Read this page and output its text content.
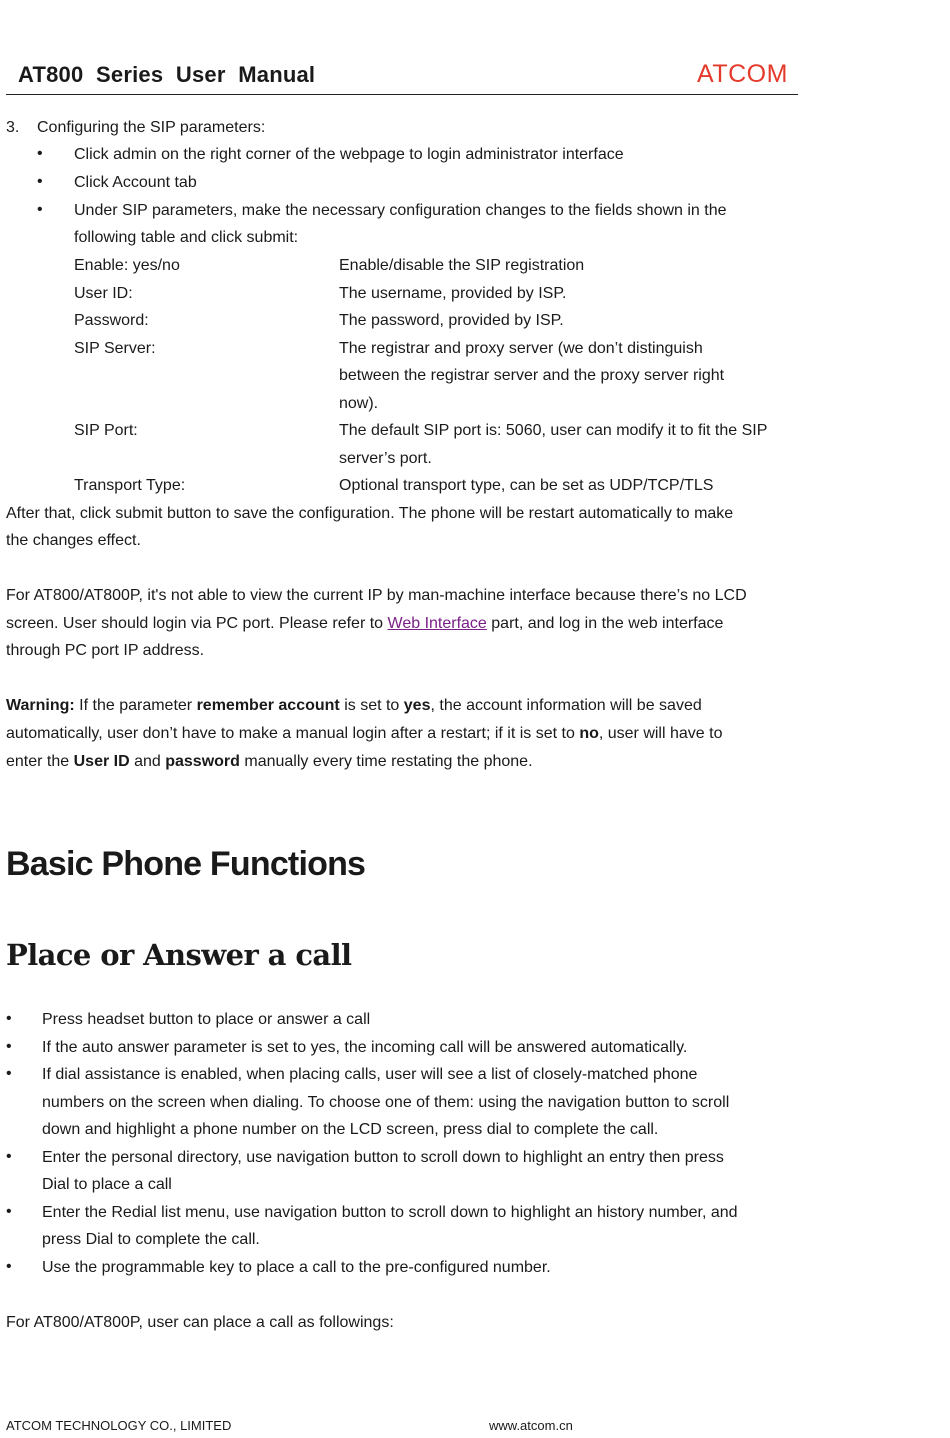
AT800  Series  User  Manual	ATCOM
3. Configuring the SIP parameters:
• Click admin on the right corner of the webpage to login administrator interface
• Click Account tab
• Under SIP parameters, make the necessary configuration changes to the fields shown in the
following table and click submit:
Enable: yes/no	Enable/disable the SIP registration
User ID:	The username, provided by ISP.
Password:	The password, provided by ISP.
SIP Server:	The registrar and proxy server (we don’t distinguish
between the registrar server and the proxy server right
now).
SIP Port:	The default SIP port is: 5060, user can modify it to fit the SIP
server’s port.
Transport Type:	Optional transport type, can be set as UDP/TCP/TLS
After that, click submit button to save the configuration. The phone will be restart automatically to make
the changes effect.
For AT800/AT800P, it's not able to view the current IP by man-machine interface because there’s no LCD
screen. User should login via PC port. Please refer to Web Interface part, and log in the web interface
through PC port IP address.
Warning: If the parameter remember account is set to yes, the account information will be saved
automatically, user don’t have to make a manual login after a restart; if it is set to no, user will have to
enter the User ID and password manually every time restating the phone.
Basic Phone Functions
Place or Answer a call
• Press headset button to place or answer a call
• If the auto answer parameter is set to yes, the incoming call will be answered automatically.
• If dial assistance is enabled, when placing calls, user will see a list of closely-matched phone
numbers on the screen when dialing. To choose one of them: using the navigation button to scroll
down and highlight a phone number on the LCD screen, press dial to complete the call.
• Enter the personal directory, use navigation button to scroll down to highlight an entry then press
Dial to place a call
• Enter the Redial list menu, use navigation button to scroll down to highlight an history number, and
press Dial to complete the call.
• Use the programmable key to place a call to the pre-configured number.
For AT800/AT800P, user can place a call as followings:
ATCOM TECHNOLOGY CO., LIMITED	www.atcom.cn
